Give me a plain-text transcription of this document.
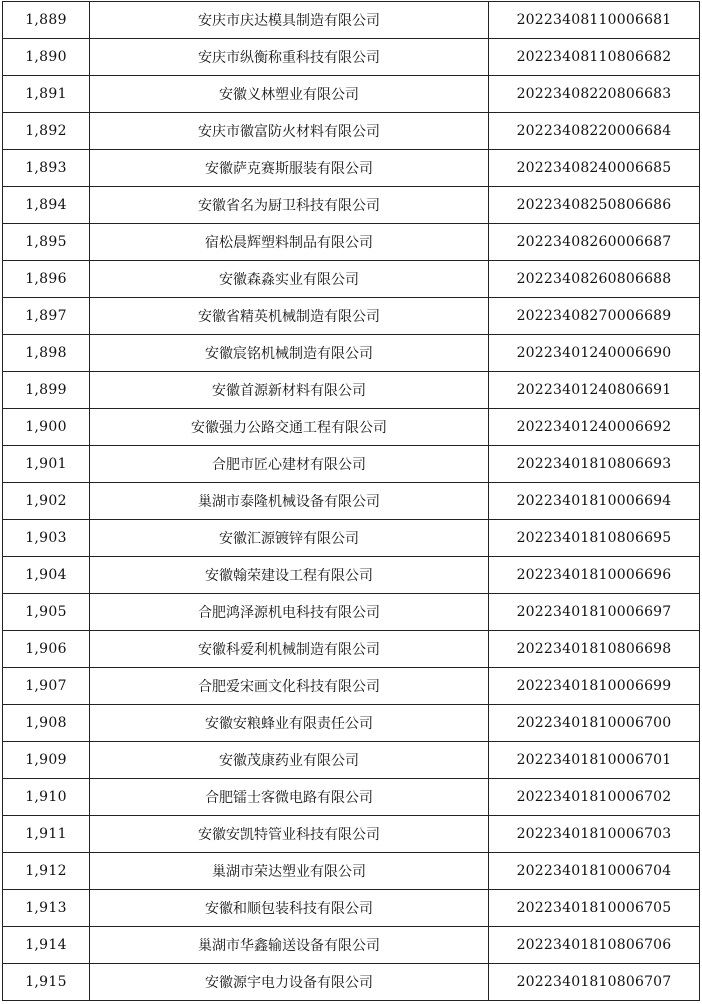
1,889	安庆市庆达模具制造有限公司	20223408110006681
1,890	安庆市纵衡称重科技有限公司	20223408110806682
1,891	安徽义林塑业有限公司	20223408220806683
1,892	安庆市徽富防火材料有限公司	20223408220006684
1,893	安徽萨克赛斯服装有限公司	20223408240006685
1,894	安徽省名为厨卫科技有限公司	20223408250806686
1,895	宿松晨辉塑料制品有限公司	20223408260006687
1,896	安徽森淼实业有限公司	20223408260806688
1,897	安徽省精英机械制造有限公司	20223408270006689
1,898	安徽宸铭机械制造有限公司	20223401240006690
1,899	安徽首源新材料有限公司	20223401240806691
1,900	安徽强力公路交通工程有限公司	20223401240006692
1,901	合肥市匠心建材有限公司	20223401810806693
1,902	巢湖市泰隆机械设备有限公司	20223401810006694
1,903	安徽汇源镀锌有限公司	20223401810806695
1,904	安徽翰荣建设工程有限公司	20223401810006696
1,905	合肥鸿泽源机电科技有限公司	20223401810006697
1,906	安徽科爱利机械制造有限公司	20223401810806698
1,907	合肥爱宋画文化科技有限公司	20223401810006699
1,908	安徽安粮蜂业有限责任公司	20223401810006700
1,909	安徽茂康药业有限公司	20223401810006701
1,910	合肥镭士客微电路有限公司	20223401810006702
1,911	安徽安凯特管业科技有限公司	20223401810006703
1,912	巢湖市荣达塑业有限公司	20223401810006704
1,913	安徽和顺包装科技有限公司	20223401810006705
1,914	巢湖市华鑫输送设备有限公司	20223401810806706
1,915	安徽源宇电力设备有限公司	20223401810806707
